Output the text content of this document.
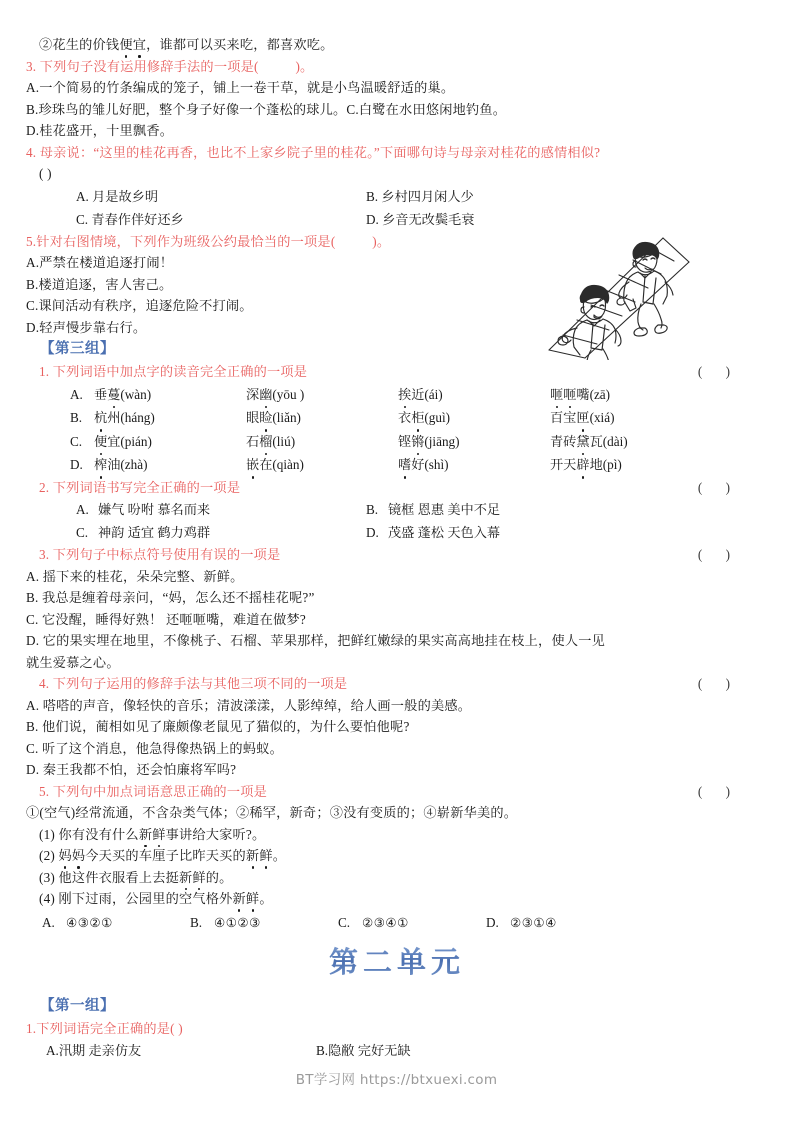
②花生的价钱便宜，谁都可以买来吃，都喜欢吃。
3. 下列句子没有运用修辞手法的一项是(	)。
A.一个简易的竹条编成的笼子，铺上一卷干草，就是小鸟温暖舒适的巢。
B.珍珠鸟的雏儿好肥，整个身子好像一个蓬松的球儿。C.白鹭在水田悠闲地钓鱼。
D.桂花盛开，十里飘香。
4. 母亲说：“这里的桂花再香，也比不上家乡院子里的桂花。”下面哪句诗与母亲对桂花的感情相似?
( )
A. 月是故乡明	B. 乡村四月闲人少
C. 青春作伴好还乡	D. 乡音无改鬓毛衰
5.针对右图情境，下列作为班级公约最恰当的一项是(	)。
A.严禁在楼道追逐打闹！
B.楼道追逐，害人害己。
C.课间活动有秩序，追逐危险不打闹。
D.轻声慢步靠右行。
【第三组】
1. 下列词语中加点字的读音完全正确的一项是	( )
A. 垂蔓(wàn)	深幽(yōu )	挨近(ái)	咂咂嘴(zā)
B. 杭州(háng)	眼睑(liǎn)	衣柜(guì)	百宝匣(xiá)
C. 便宜(pián)	石榴(liú)	铿锵(jiāng)	青砖黛瓦(dài)
D. 榨油(zhà)	嵌在(qiàn)	嗜好(shì)	开天辟地(pì)
2. 下列词语书写完全正确的一项是	( )
A. 嫌气 吩咐 慕名而来	B. 镜框 恩惠 美中不足
C. 神韵 适宜 鹤力鸡群	D. 茂盛 蓬松 天色入幕
3. 下列句子中标点符号使用有误的一项是	( )
A. 摇下来的桂花，朵朵完整、新鲜。
B. 我总是缠着母亲问，“妈，怎么还不摇桂花呢?”
C. 它没醒，睡得好熟！ 还咂咂嘴，难道在做梦?
D. 它的果实埋在地里，不像桃子、石榴、苹果那样，把鲜红嫩绿的果实高高地挂在枝上，使人一见
就生爱慕之心。
4. 下列句子运用的修辞手法与其他三项不同的一项是	( )
A. 嗒嗒的声音，像轻快的音乐；清波漾漾，人影绰绰，给人画一般的美感。
B. 他们说，蔺相如见了廉颇像老鼠见了猫似的，为什么要怕他呢?
C. 听了这个消息，他急得像热锅上的蚂蚁。
D. 秦王我都不怕，还会怕廉将军吗?
5. 下列句中加点词语意思正确的一项是	( )
①(空气)经常流通，不含杂类气体；②稀罕，新奇；③没有变质的；④崭新华美的。
(1) 你有没有什么新鲜事讲给大家听?。
(2) 妈妈今天买的车厘子比昨天买的新鲜。
(3) 他这件衣服看上去挺新鲜的。
(4) 刚下过雨，公园里的空气格外新鲜。
A. ④③②①	B. ④①②③	C. ②③④①	D. ②③①④
第二单元
【第一组】
1.下列词语完全正确的是( )
A.汛期 走亲仿友	B.隐敝 完好无缺
BT学习网 https://btxuexi.com
